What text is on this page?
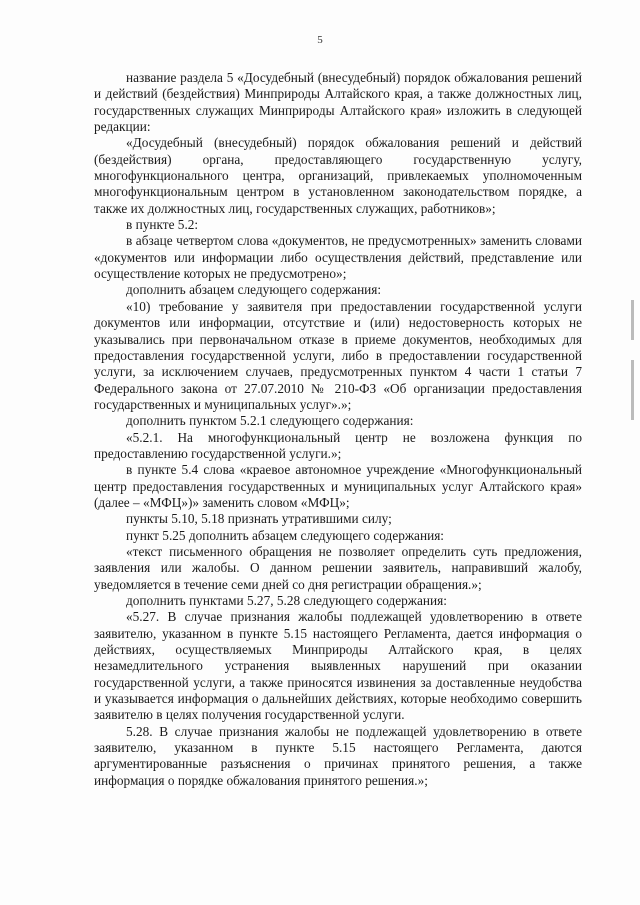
5

название раздела 5 «Досудебный (внесудебный) порядок обжалования решений и действий (бездействия) Минприроды Алтайского края, а также должностных лиц, государственных служащих Минприроды Алтайского края» изложить в следующей редакции:

«Досудебный (внесудебный) порядок обжалования решений и действий (бездействия) органа, предоставляющего государственную услугу, многофункционального центра, организаций, привлекаемых уполномоченным многофункциональным центром в установленном законодательством порядке, а также их должностных лиц, государственных служащих, работников»;

в пункте 5.2:

в абзаце четвертом слова «документов, не предусмотренных» заменить словами «документов или информации либо осуществления действий, представление или осуществление которых не предусмотрено»;

дополнить абзацем следующего содержания:

«10) требование у заявителя при предоставлении государственной услуги документов или информации, отсутствие и (или) недостоверность которых не указывались при первоначальном отказе в приеме документов, необходимых для предоставления государственной услуги, либо в предоставлении государственной услуги, за исключением случаев, предусмотренных пунктом 4 части 1 статьи 7 Федерального закона от 27.07.2010 № 210-ФЗ «Об организации предоставления государственных и муниципальных услуг».»;

дополнить пунктом 5.2.1 следующего содержания:

«5.2.1. На многофункциональный центр не возложена функция по предоставлению государственной услуги.»;

в пункте 5.4 слова «краевое автономное учреждение «Многофункциональный центр предоставления государственных и муниципальных услуг Алтайского края» (далее – «МФЦ»)» заменить словом «МФЦ»;

пункты 5.10, 5.18 признать утратившими силу;

пункт 5.25 дополнить абзацем следующего содержания:

«текст письменного обращения не позволяет определить суть предложения, заявления или жалобы. О данном решении заявитель, направивший жалобу, уведомляется в течение семи дней со дня регистрации обращения.»;

дополнить пунктами 5.27, 5.28 следующего содержания:

«5.27. В случае признания жалобы подлежащей удовлетворению в ответе заявителю, указанном в пункте 5.15 настоящего Регламента, дается информация о действиях, осуществляемых Минприроды Алтайского края, в целях незамедлительного устранения выявленных нарушений при оказании государственной услуги, а также приносятся извинения за доставленные неудобства и указывается информация о дальнейших действиях, которые необходимо совершить заявителю в целях получения государственной услуги.

5.28. В случае признания жалобы не подлежащей удовлетворению в ответе заявителю, указанном в пункте 5.15 настоящего Регламента, даются аргументированные разъяснения о причинах принятого решения, а также информация о порядке обжалования принятого решения.»;
